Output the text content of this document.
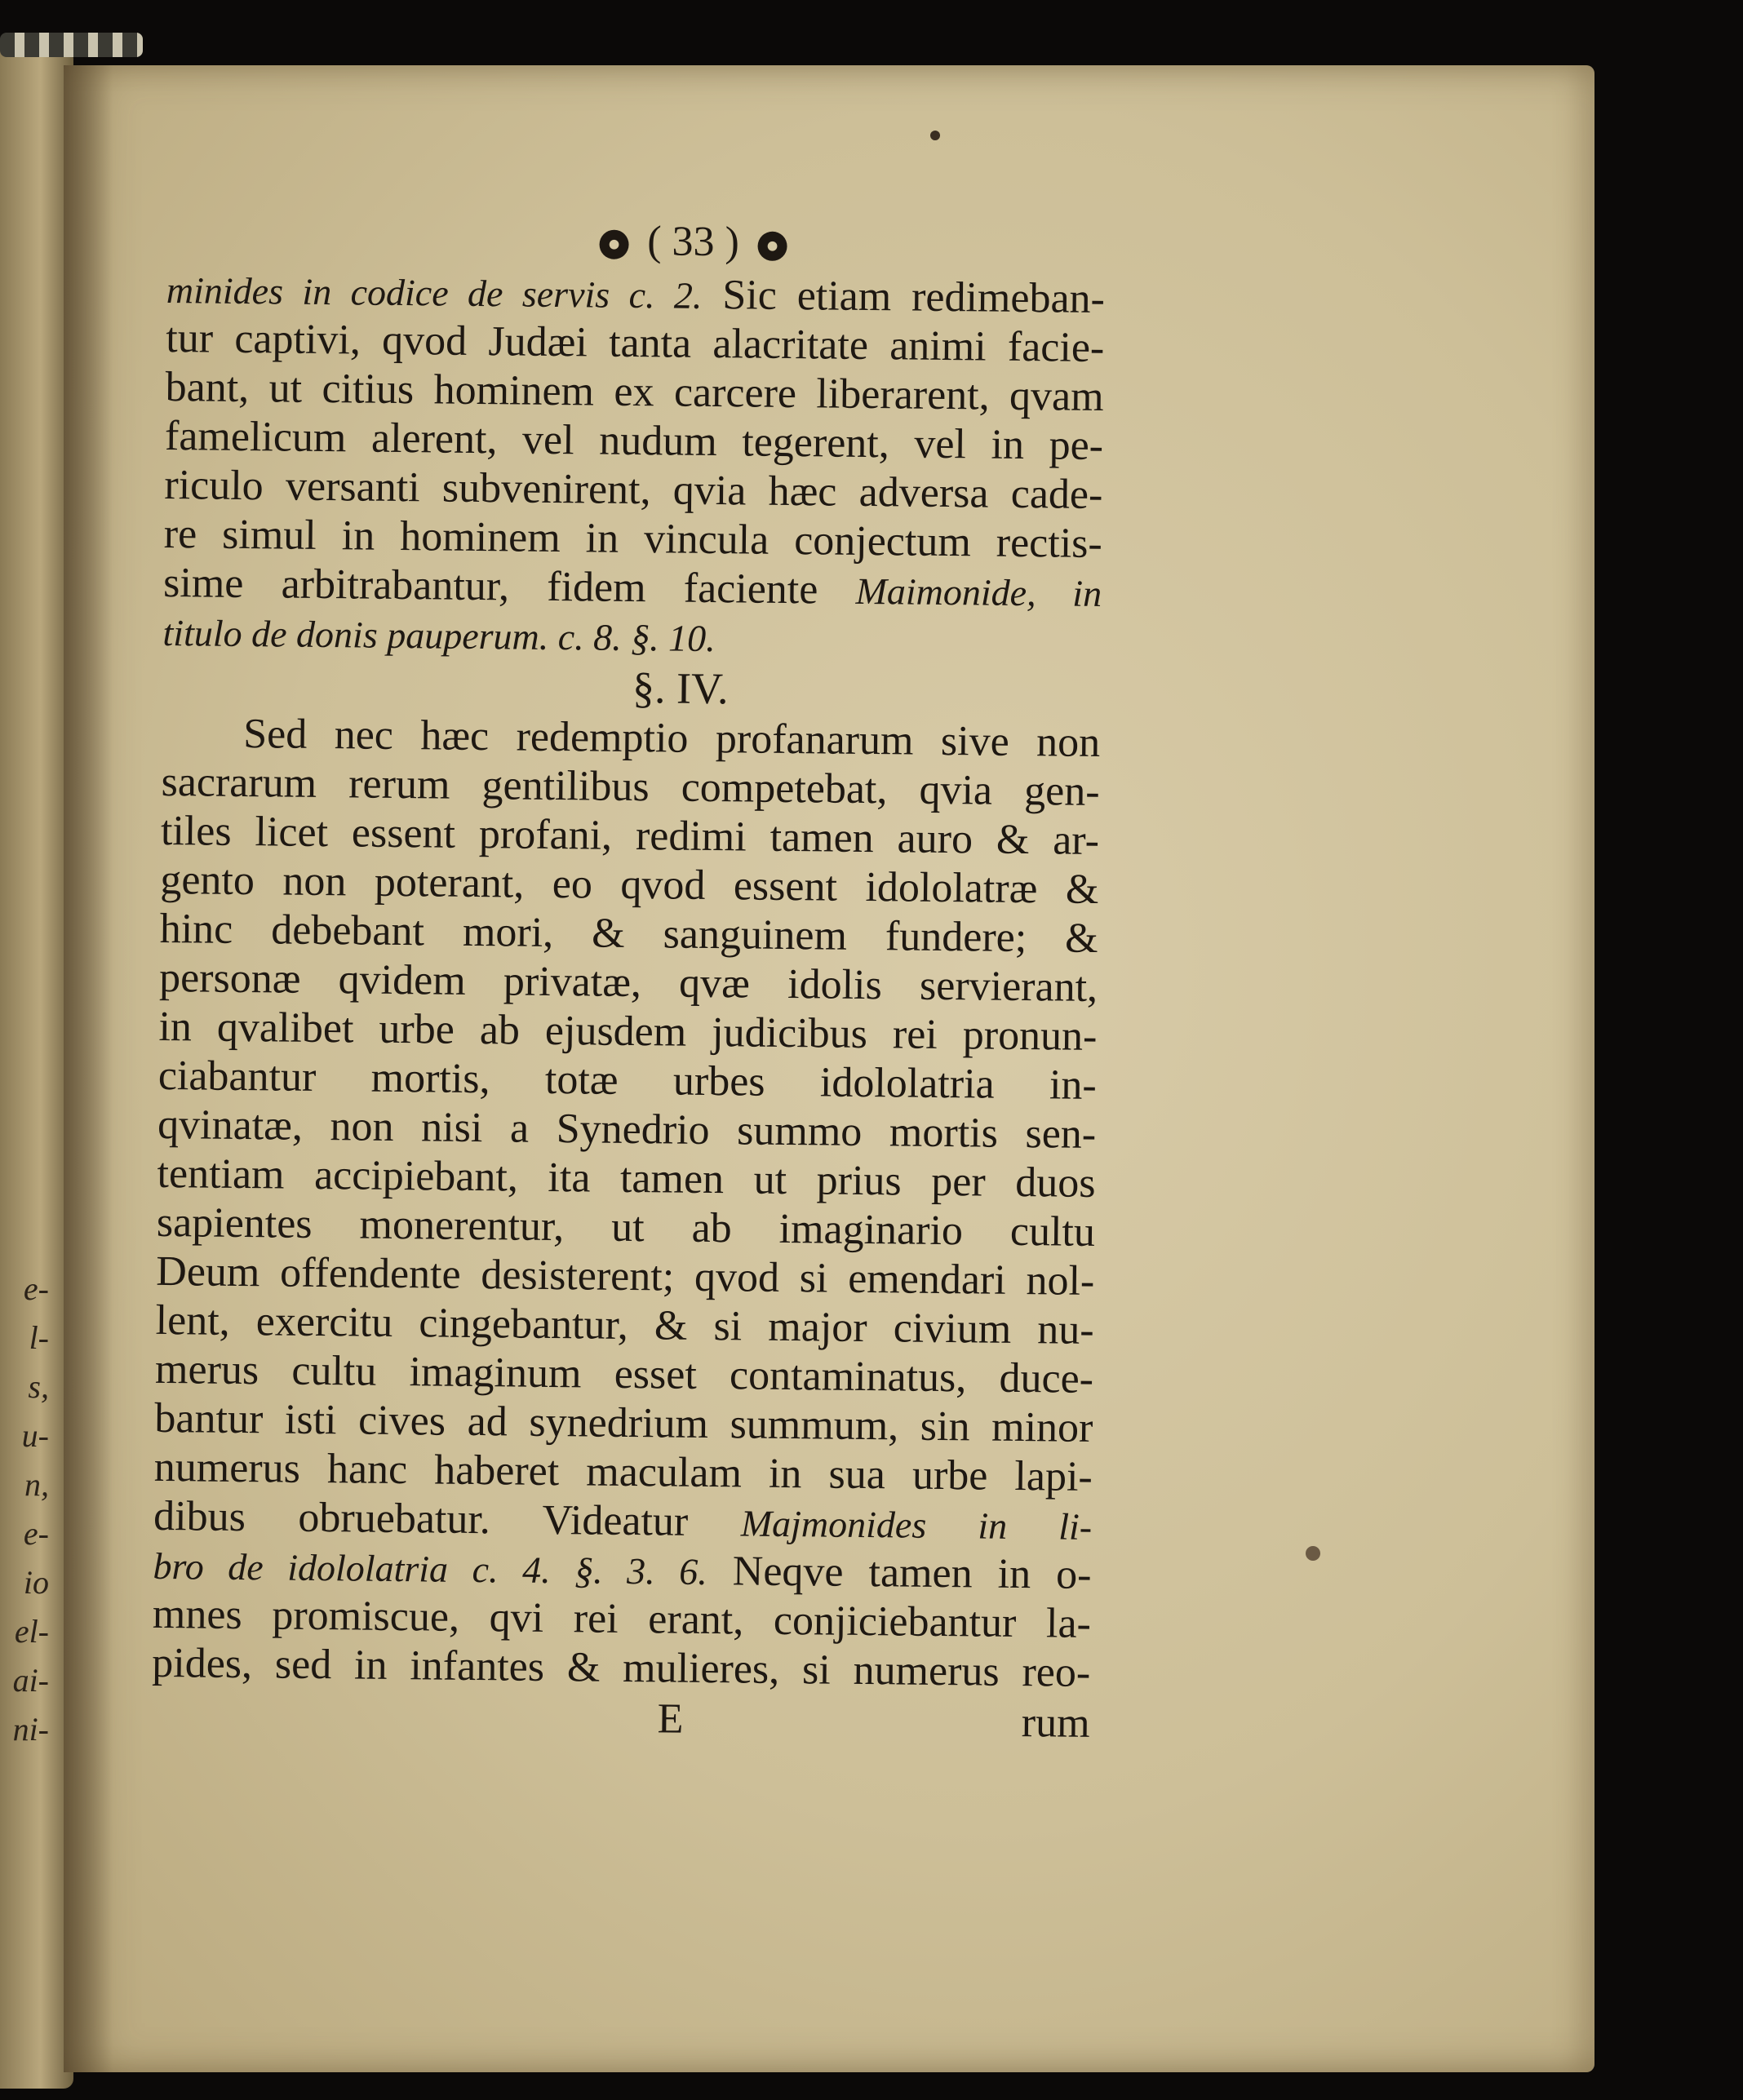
e-
l-
s,
u-
n,
e-
io
el-
ai-
ni-
( 33 )
minides in codice de servis c. 2. Sic etiam redimeban-
tur captivi, qvod Judæi tanta alacritate animi facie-
bant, ut citius hominem ex carcere liberarent, qvam
famelicum alerent, vel nudum tegerent, vel in pe-
riculo versanti subvenirent, qvia hæc adversa cade-
re simul in hominem in vincula conjectum rectis-
sime arbitrabantur, fidem faciente Maimonide, in
titulo de donis pauperum. c. 8. §. 10.
§. IV.
Sed nec hæc redemptio profanarum sive non
sacrarum rerum gentilibus competebat, qvia gen-
tiles licet essent profani, redimi tamen auro & ar-
gento non poterant, eo qvod essent idololatræ &
hinc debebant mori, & sanguinem fundere; &
personæ qvidem privatæ, qvæ idolis servierant,
in qvalibet urbe ab ejusdem judicibus rei pronun-
ciabantur mortis, totæ urbes idololatria in-
qvinatæ, non nisi a Synedrio summo mortis sen-
tentiam accipiebant, ita tamen ut prius per duos
sapientes monerentur, ut ab imaginario cultu
Deum offendente desisterent; qvod si emendari nol-
lent, exercitu cingebantur, & si major civium nu-
merus cultu imaginum esset contaminatus, duce-
bantur isti cives ad synedrium summum, sin minor
numerus hanc haberet maculam in sua urbe lapi-
dibus obruebatur. Videatur Majmonides in li-
bro de idololatria c. 4. §. 3. 6. Neqve tamen in o-
mnes promiscue, qvi rei erant, conjiciebantur la-
pides, sed in infantes & mulieres, si numerus reo-
E	rum
